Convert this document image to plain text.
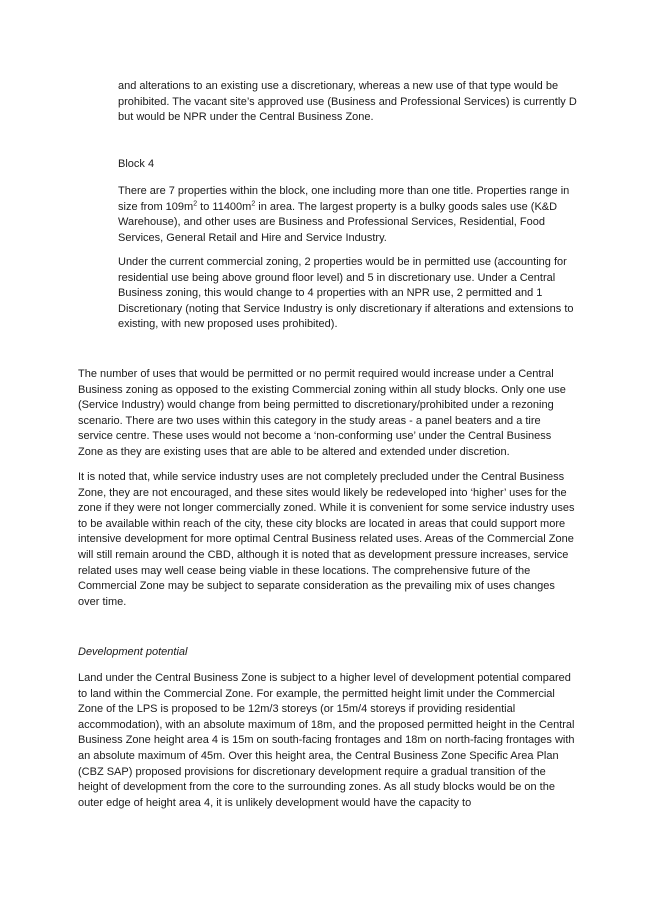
and alterations to an existing use a discretionary, whereas a new use of that type would be prohibited. The vacant site’s approved use (Business and Professional Services) is currently D but would be NPR under the Central Business Zone.

Block 4

There are 7 properties within the block, one including more than one title. Properties range in size from $109m^2$ to $11400m^2$ in area. The largest property is a bulky goods sales use (K&D Warehouse), and other uses are Business and Professional Services, Residential, Food Services, General Retail and Hire and Service Industry.

Under the current commercial zoning, 2 properties would be in permitted use (accounting for residential use being above ground floor level) and 5 in discretionary use. Under a Central Business zoning, this would change to 4 properties with an NPR use, 2 permitted and 1 Discretionary (noting that Service Industry is only discretionary if alterations and extensions to existing, with new proposed uses prohibited).

The number of uses that would be permitted or no permit required would increase under a Central Business zoning as opposed to the existing Commercial zoning within all study blocks. Only one use (Service Industry) would change from being permitted to discretionary/prohibited under a rezoning scenario. There are two uses within this category in the study areas - a panel beaters and a tire service centre. These uses would not become a ‘non-conforming use’ under the Central Business Zone as they are existing uses that are able to be altered and extended under discretion.

It is noted that, while service industry uses are not completely precluded under the Central Business Zone, they are not encouraged, and these sites would likely be redeveloped into ‘higher’ uses for the zone if they were not longer commercially zoned. While it is convenient for some service industry uses to be available within reach of the city, these city blocks are located in areas that could support more intensive development for more optimal Central Business related uses. Areas of the Commercial Zone will still remain around the CBD, although it is noted that as development pressure increases, service related uses may well cease being viable in these locations. The comprehensive future of the Commercial Zone may be subject to separate consideration as the prevailing mix of uses changes over time.

Development potential

Land under the Central Business Zone is subject to a higher level of development potential compared to land within the Commercial Zone. For example, the permitted height limit under the Commercial Zone of the LPS is proposed to be 12m/3 storeys (or 15m/4 storeys if providing residential accommodation), with an absolute maximum of 18m, and the proposed permitted height in the Central Business Zone height area 4 is 15m on south-facing frontages and 18m on north-facing frontages with an absolute maximum of 45m. Over this height area, the Central Business Zone Specific Area Plan (CBZ SAP) proposed provisions for discretionary development require a gradual transition of the height of development from the core to the surrounding zones. As all study blocks would be on the outer edge of height area 4, it is unlikely development would have the capacity to
